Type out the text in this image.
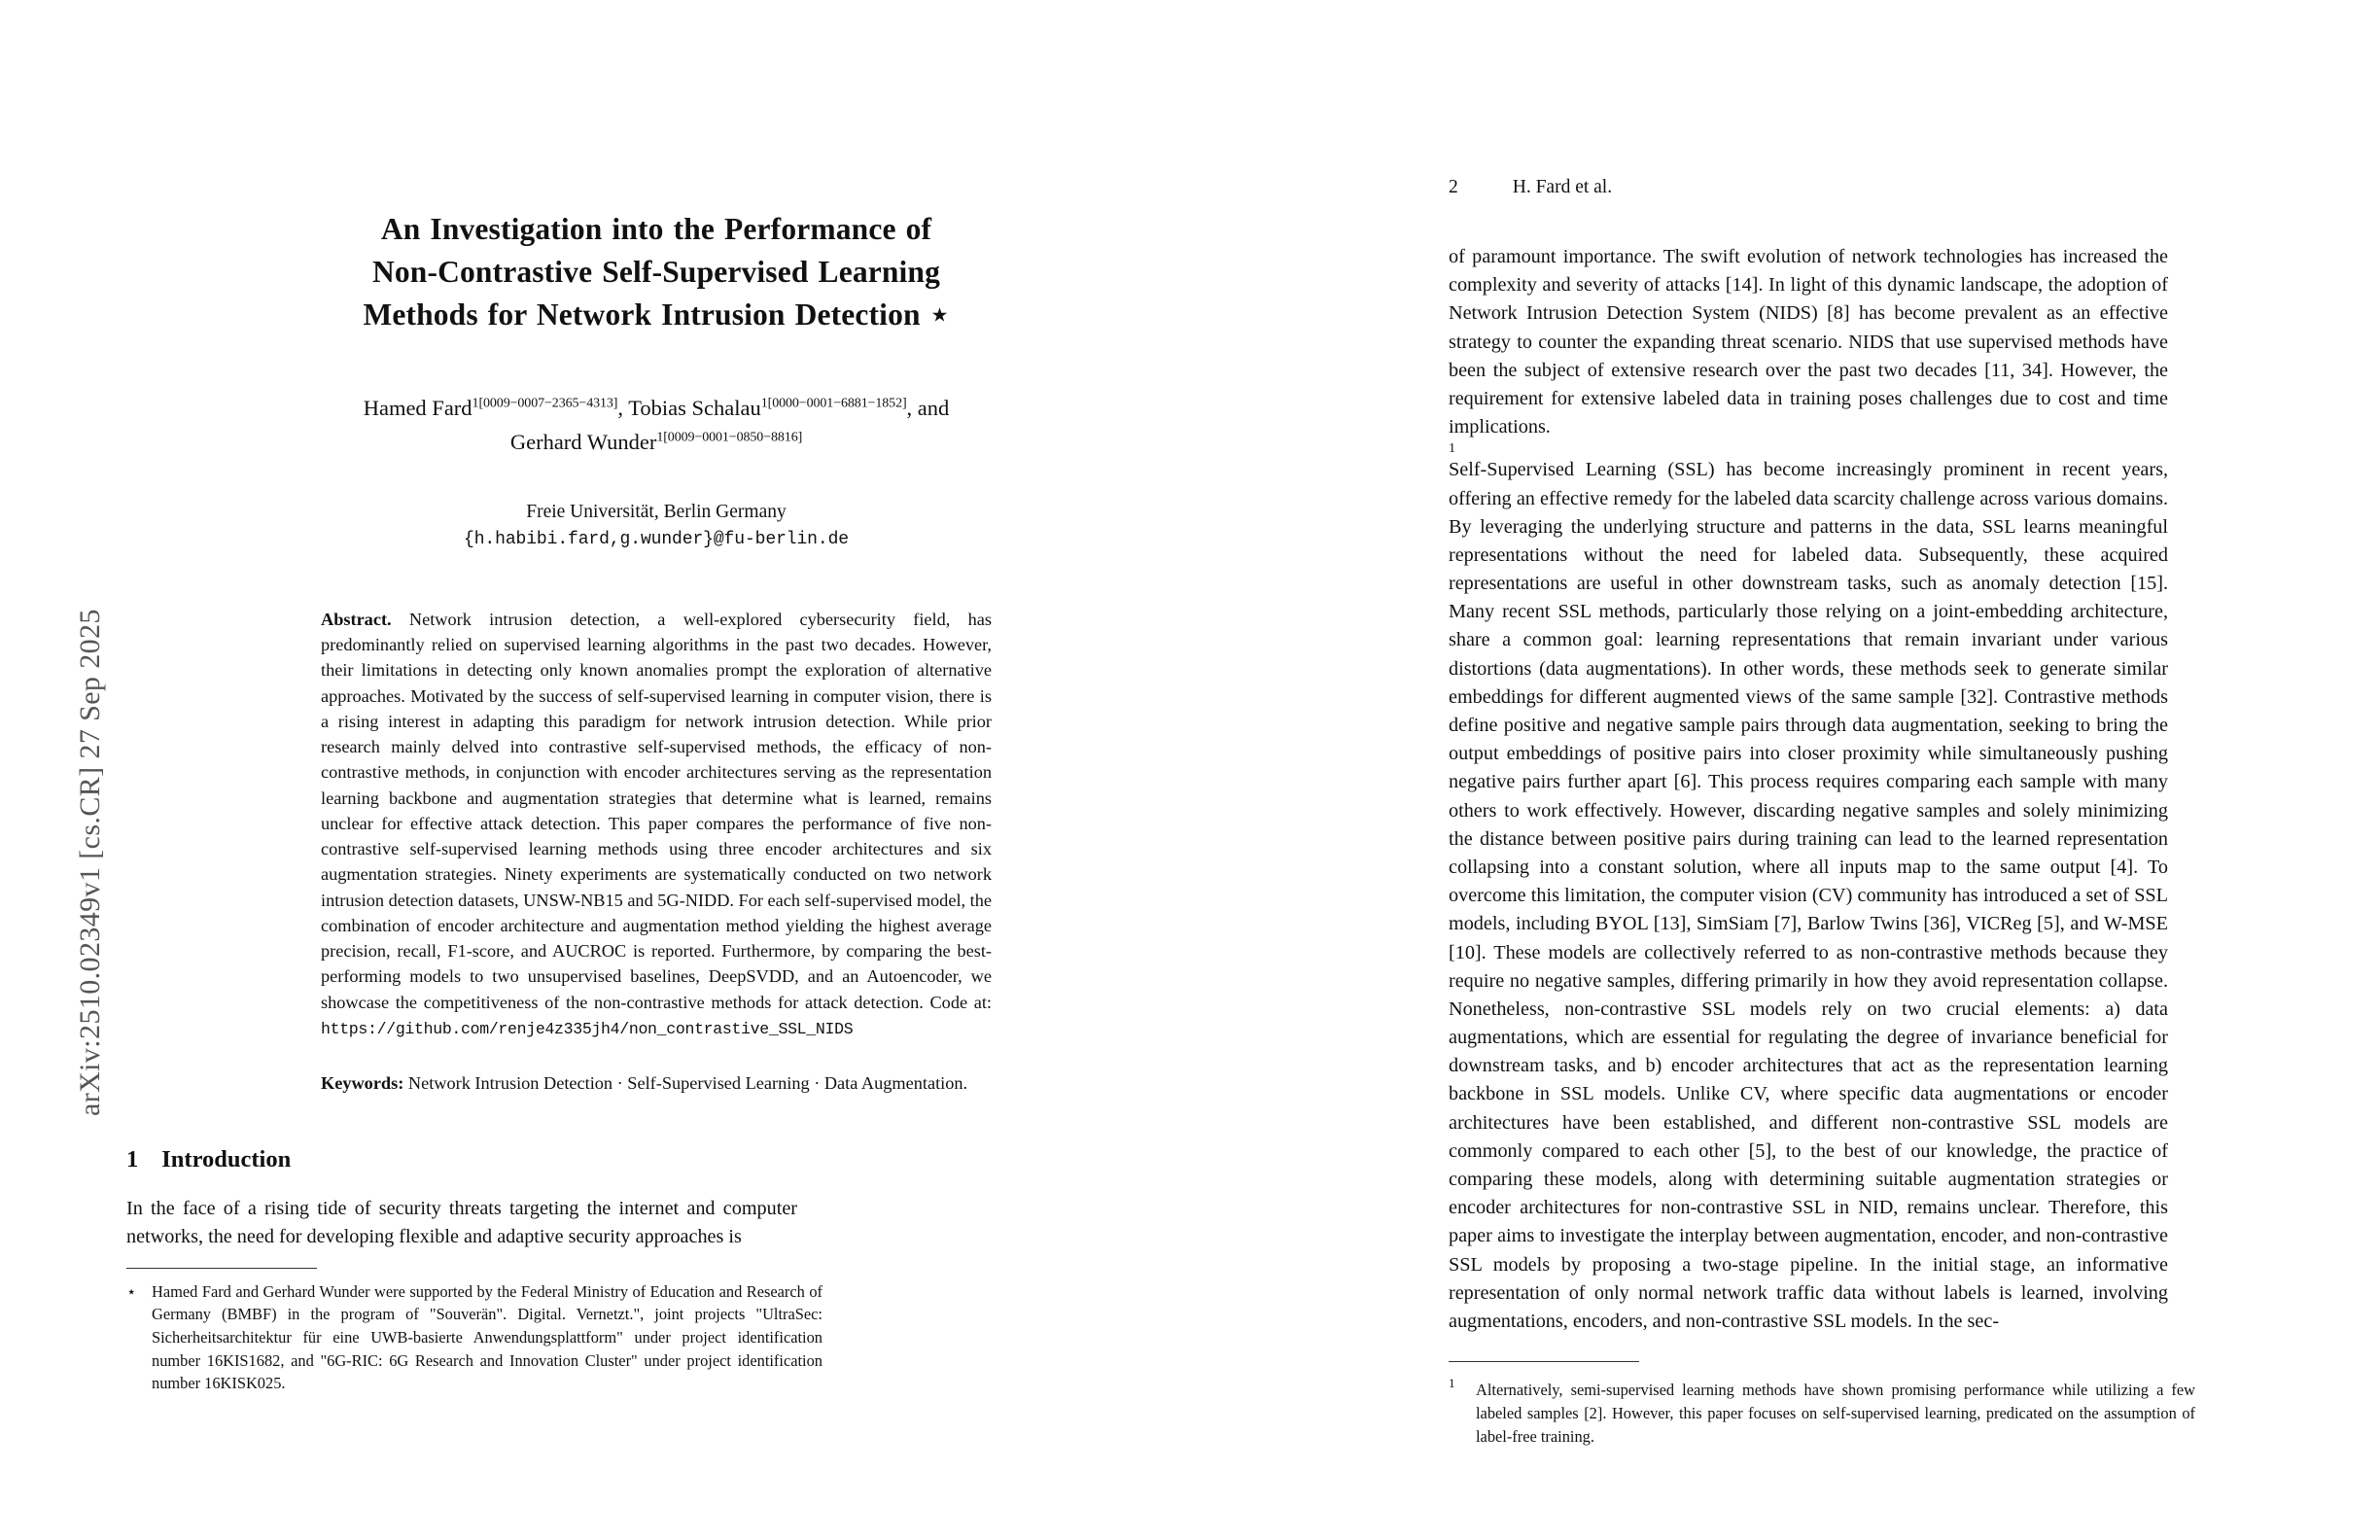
arXiv:2510.02349v1 [cs.CR] 27 Sep 2025
An Investigation into the Performance of
Non-Contrastive Self-Supervised Learning
Methods for Network Intrusion Detection ⋆
Hamed Fard$^{1[0009-0007-2365-4313]}$, Tobias Schalau$^{1[0000-0001-6881-1852]}$, and
Gerhard Wunder$^{1[0009-0001-0850-8816]}$
Freie Universität, Berlin Germany
{h.habibi.fard,g.wunder}@fu-berlin.de
Abstract. Network intrusion detection, a well-explored cybersecurity field, has predominantly relied on supervised learning algorithms in the past two decades. However, their limitations in detecting only known anomalies prompt the exploration of alternative approaches. Motivated by the success of self-supervised learning in computer vision, there is a rising interest in adapting this paradigm for network intrusion detection. While prior research mainly delved into contrastive self-supervised methods, the efficacy of non-contrastive methods, in conjunction with encoder architectures serving as the representation learning backbone and augmentation strategies that determine what is learned, remains unclear for effective attack detection. This paper compares the performance of five non-contrastive self-supervised learning methods using three encoder architectures and six augmentation strategies. Ninety experiments are systematically conducted on two network intrusion detection datasets, UNSW-NB15 and 5G-NIDD. For each self-supervised model, the combination of encoder architecture and augmentation method yielding the highest average precision, recall, F1-score, and AUCROC is reported. Furthermore, by comparing the best-performing models to two unsupervised baselines, DeepSVDD, and an Autoencoder, we showcase the competitiveness of the non-contrastive methods for attack detection. Code at: https://github.com/renje4z335jh4/non_contrastive_SSL_NIDS
Keywords: Network Intrusion Detection · Self-Supervised Learning · Data Augmentation.
1 Introduction
In the face of a rising tide of security threats targeting the internet and computer networks, the need for developing flexible and adaptive security approaches is
⋆ Hamed Fard and Gerhard Wunder were supported by the Federal Ministry of Education and Research of Germany (BMBF) in the program of "Souverän". Digital. Vernetzt.", joint projects "UltraSec: Sicherheitsarchitektur für eine UWB-basierte Anwendungsplattform" under project identification number 16KIS1682, and "6G-RIC: 6G Research and Innovation Cluster" under project identification number 16KISK025.
2	H. Fard et al.

of paramount importance. The swift evolution of network technologies has increased the complexity and severity of attacks [14]. In light of this dynamic landscape, the adoption of Network Intrusion Detection System (NIDS) [8] has become prevalent as an effective strategy to counter the expanding threat scenario. NIDS that use supervised methods have been the subject of extensive research over the past two decades [11, 34]. However, the requirement for extensive labeled data in training poses challenges due to cost and time implications.

1

Self-Supervised Learning (SSL) has become increasingly prominent in recent years, offering an effective remedy for the labeled data scarcity challenge across various domains. By leveraging the underlying structure and patterns in the data, SSL learns meaningful representations without the need for labeled data. Subsequently, these acquired representations are useful in other downstream tasks, such as anomaly detection [15]. Many recent SSL methods, particularly those relying on a joint-embedding architecture, share a common goal: learning representations that remain invariant under various distortions (data augmentations). In other words, these methods seek to generate similar embeddings for different augmented views of the same sample [32]. Contrastive methods define positive and negative sample pairs through data augmentation, seeking to bring the output embeddings of positive pairs into closer proximity while simultaneously pushing negative pairs further apart [6]. This process requires comparing each sample with many others to work effectively. However, discarding negative samples and solely minimizing the distance between positive pairs during training can lead to the learned representation collapsing into a constant solution, where all inputs map to the same output [4]. To overcome this limitation, the computer vision (CV) community has introduced a set of SSL models, including BYOL [13], SimSiam [7], Barlow Twins [36], VICReg [5], and W-MSE [10]. These models are collectively referred to as non-contrastive methods because they require no negative samples, differing primarily in how they avoid representation collapse. Nonetheless, non-contrastive SSL models rely on two crucial elements: a) data augmentations, which are essential for regulating the degree of invariance beneficial for downstream tasks, and b) encoder architectures that act as the representation learning backbone in SSL models. Unlike CV, where specific data augmentations or encoder architectures have been established, and different non-contrastive SSL models are commonly compared to each other [5], to the best of our knowledge, the practice of comparing these models, along with determining suitable augmentation strategies or encoder architectures for non-contrastive SSL in NID, remains unclear. Therefore, this paper aims to investigate the interplay between augmentation, encoder, and non-contrastive SSL models by proposing a two-stage pipeline. In the initial stage, an informative representation of only normal network traffic data without labels is learned, involving augmentations, encoders, and non-contrastive SSL models. In the sec-

1 Alternatively, semi-supervised learning methods have shown promising performance while utilizing a few labeled samples [2]. However, this paper focuses on self-supervised learning, predicated on the assumption of label-free training.
